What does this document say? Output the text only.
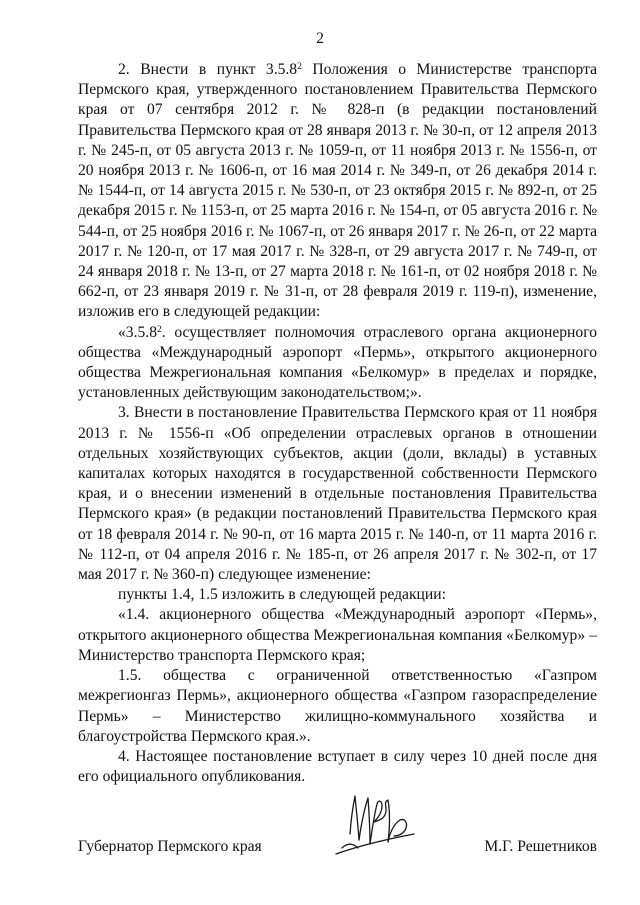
2

2. Внести в пункт 3.5.8$^2$ Положения о Министерстве транспорта Пермского края, утвержденного постановлением Правительства Пермского края от 07 сентября 2012 г. № 828-п (в редакции постановлений Правительства Пермского края от 28 января 2013 г. № 30-п, от 12 апреля 2013 г. № 245-п, от 05 августа 2013 г. № 1059-п, от 11 ноября 2013 г. № 1556-п, от 20 ноября 2013 г. № 1606-п, от 16 мая 2014 г. № 349-п, от 26 декабря 2014 г. № 1544-п, от 14 августа 2015 г. № 530-п, от 23 октября 2015 г. № 892-п, от 25 декабря 2015 г. № 1153-п, от 25 марта 2016 г. № 154-п, от 05 августа 2016 г. № 544-п, от 25 ноября 2016 г. № 1067-п, от 26 января 2017 г. № 26-п, от 22 марта 2017 г. № 120-п, от 17 мая 2017 г. № 328-п, от 29 августа 2017 г. № 749-п, от 24 января 2018 г. № 13-п, от 27 марта 2018 г. № 161-п, от 02 ноября 2018 г. № 662-п, от 23 января 2019 г. № 31-п, от 28 февраля 2019 г. 119-п), изменение, изложив его в следующей редакции:

«3.5.8$^2$. осуществляет полномочия отраслевого органа акционерного общества «Международный аэропорт «Пермь», открытого акционерного общества Межрегиональная компания «Белкомур» в пределах и порядке, установленных действующим законодательством;».

3. Внести в постановление Правительства Пермского края от 11 ноября 2013 г. № 1556-п «Об определении отраслевых органов в отношении отдельных хозяйствующих субъектов, акции (доли, вклады) в уставных капиталах которых находятся в государственной собственности Пермского края, и о внесении изменений в отдельные постановления Правительства Пермского края» (в редакции постановлений Правительства Пермского края от 18 февраля 2014 г. № 90-п, от 16 марта 2015 г. № 140-п, от 11 марта 2016 г. № 112-п, от 04 апреля 2016 г. № 185-п, от 26 апреля 2017 г. № 302-п, от 17 мая 2017 г. № 360-п) следующее изменение:

пункты 1.4, 1.5 изложить в следующей редакции:

«1.4. акционерного общества «Международный аэропорт «Пермь», открытого акционерного общества Межрегиональная компания «Белкомур» – Министерство транспорта Пермского края;

1.5. общества с ограниченной ответственностью «Газпром межрегионгаз Пермь», акционерного общества «Газпром газораспределение Пермь» – Министерство жилищно-коммунального хозяйства и благоустройства Пермского края.».

4. Настоящее постановление вступает в силу через 10 дней после дня его официального опубликования.

Губернатор Пермского края	М.Г. Решетников
